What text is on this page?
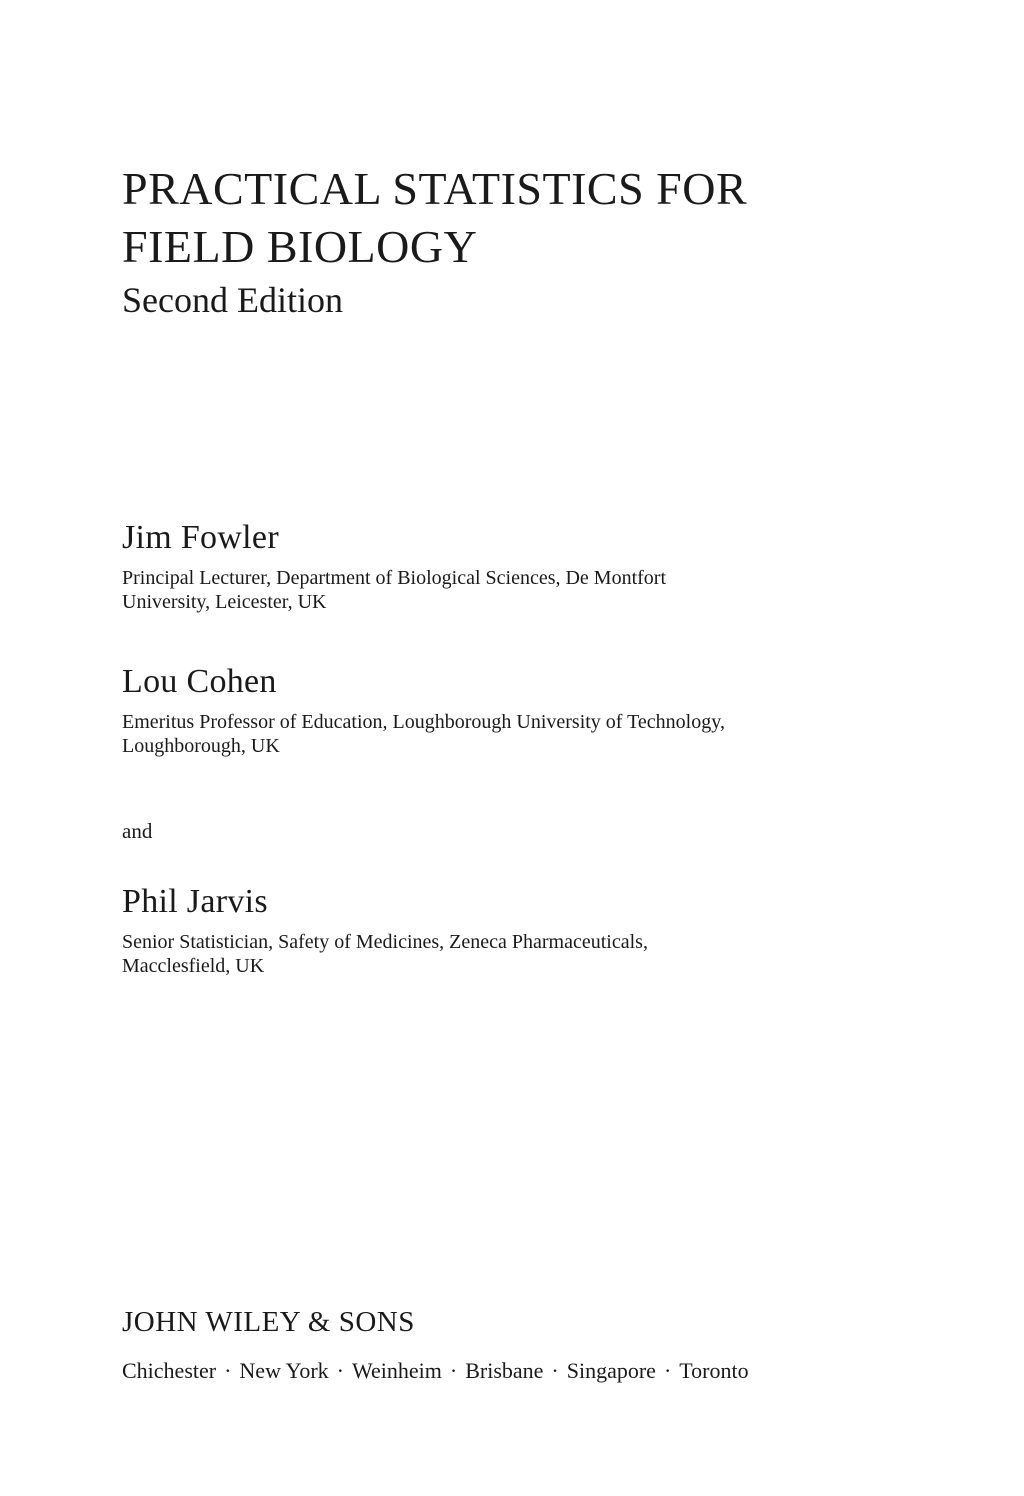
PRACTICAL STATISTICS FOR
FIELD BIOLOGY
Second Edition
Jim Fowler
Principal Lecturer, Department of Biological Sciences, De Montfort
University, Leicester, UK
Lou Cohen
Emeritus Professor of Education, Loughborough University of Technology,
Loughborough, UK
and
Phil Jarvis
Senior Statistician, Safety of Medicines, Zeneca Pharmaceuticals,
Macclesfield, UK
JOHN WILEY & SONS
Chichester · New York · Weinheim · Brisbane · Singapore · Toronto
